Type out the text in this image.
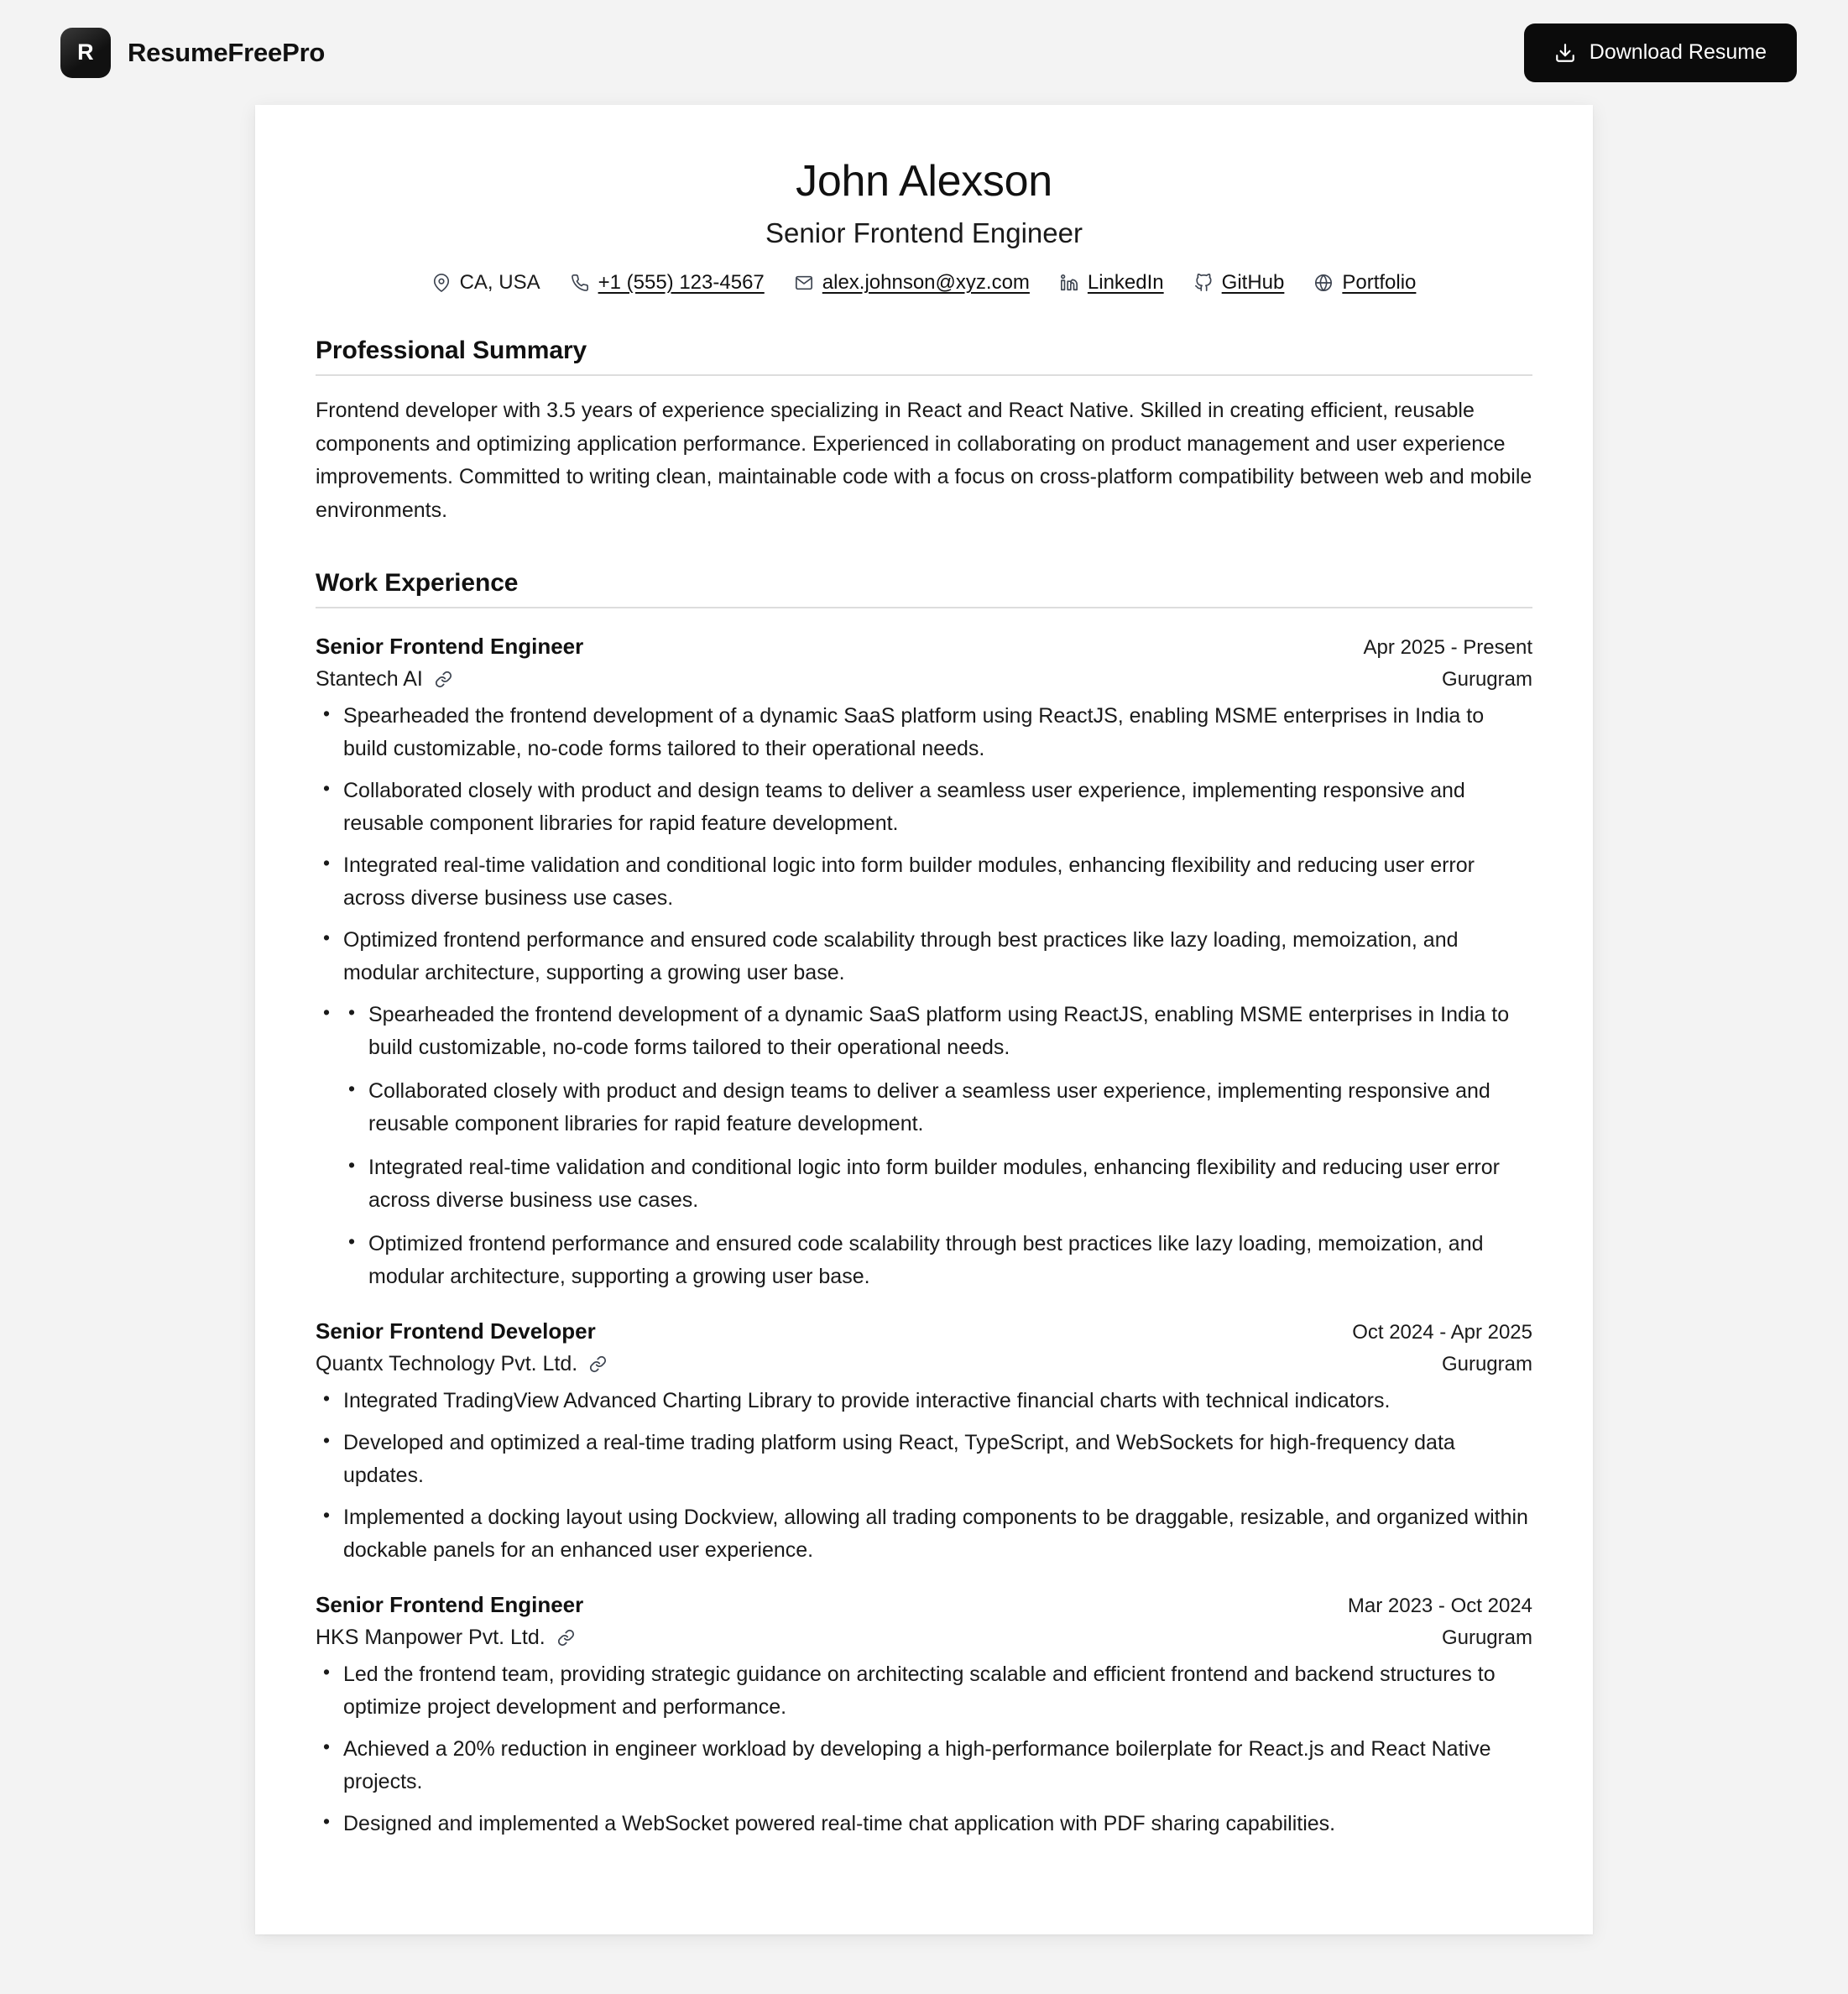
R	ResumeFreePro	Download Resume
John Alexson
Senior Frontend Engineer
CA, USA	+1 (555) 123-4567	alex.johnson@xyz.com	LinkedIn	GitHub	Portfolio
Professional Summary

Frontend developer with 3.5 years of experience specializing in React and React Native. Skilled in creating efficient, reusable components and optimizing application performance. Experienced in collaborating on product management and user experience improvements. Committed to writing clean, maintainable code with a focus on cross-platform compatibility between web and mobile environments.

Work Experience
Senior Frontend Engineer	Apr 2025 - Present
Stantech AI	Gurugram
• Spearheaded the frontend development of a dynamic SaaS platform using ReactJS, enabling MSME enterprises in India to build customizable, no-code forms tailored to their operational needs.
• Collaborated closely with product and design teams to deliver a seamless user experience, implementing responsive and reusable component libraries for rapid feature development.
• Integrated real-time validation and conditional logic into form builder modules, enhancing flexibility and reducing user error across diverse business use cases.
• Optimized frontend performance and ensured code scalability through best practices like lazy loading, memoization, and modular architecture, supporting a growing user base.
• • Spearheaded the frontend development of a dynamic SaaS platform using ReactJS, enabling MSME enterprises in India to build customizable, no-code forms tailored to their operational needs.
• Collaborated closely with product and design teams to deliver a seamless user experience, implementing responsive and reusable component libraries for rapid feature development.
• Integrated real-time validation and conditional logic into form builder modules, enhancing flexibility and reducing user error across diverse business use cases.
• Optimized frontend performance and ensured code scalability through best practices like lazy loading, memoization, and modular architecture, supporting a growing user base.
Senior Frontend Developer	Oct 2024 - Apr 2025
Quantx Technology Pvt. Ltd.	Gurugram
• Integrated TradingView Advanced Charting Library to provide interactive financial charts with technical indicators.
• Developed and optimized a real-time trading platform using React, TypeScript, and WebSockets for high-frequency data updates.
• Implemented a docking layout using Dockview, allowing all trading components to be draggable, resizable, and organized within dockable panels for an enhanced user experience.
Senior Frontend Engineer	Mar 2023 - Oct 2024
HKS Manpower Pvt. Ltd.	Gurugram
• Led the frontend team, providing strategic guidance on architecting scalable and efficient frontend and backend structures to optimize project development and performance.
• Achieved a 20% reduction in engineer workload by developing a high-performance boilerplate for React.js and React Native projects.
• Designed and implemented a WebSocket powered real-time chat application with PDF sharing capabilities.
